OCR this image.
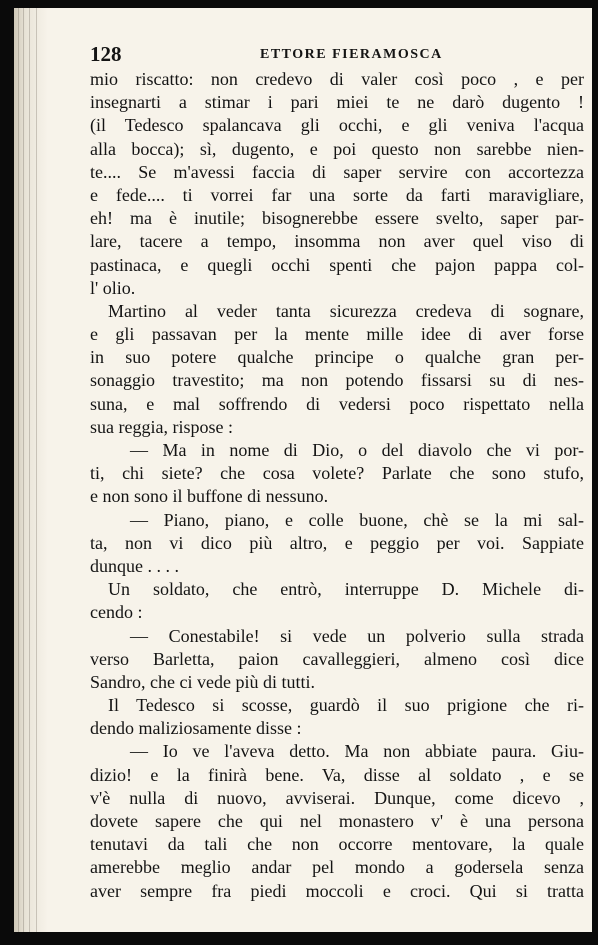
128	ETTORE FIERAMOSCA
mio riscatto: non credevo di valer così poco , e per
insegnarti a stimar i pari miei te ne darò dugento !
(il Tedesco spalancava gli occhi, e gli veniva l'acqua
alla bocca); sì, dugento, e poi questo non sarebbe nien-
te.... Se m'avessi faccia di saper servire con accortezza
e fede.... ti vorrei far una sorte da farti maravigliare,
eh! ma è inutile; bisognerebbe essere svelto, saper par-
lare, tacere a tempo, insomma non aver quel viso di
pastinaca, e quegli occhi spenti che pajon pappa col-
l' olio.
Martino al veder tanta sicurezza credeva di sognare,
e gli passavan per la mente mille idee di aver forse
in suo potere qualche principe o qualche gran per-
sonaggio travestito; ma non potendo fissarsi su di nes-
suna, e mal soffrendo di vedersi poco rispettato nella
sua reggia, rispose :
— Ma in nome di Dio, o del diavolo che vi por-
ti, chi siete? che cosa volete? Parlate che sono stufo,
e non sono il buffone di nessuno.
— Piano, piano, e colle buone, chè se la mi sal-
ta, non vi dico più altro, e peggio per voi. Sappiate
dunque . . . .
Un soldato, che entrò, interruppe D. Michele di-
cendo :
— Conestabile! si vede un polverio sulla strada
verso Barletta, paion cavalleggieri, almeno così dice
Sandro, che ci vede più di tutti.
Il Tedesco si scosse, guardò il suo prigione che ri-
dendo maliziosamente disse :
— Io ve l'aveva detto. Ma non abbiate paura. Giu-
dizio! e la finirà bene. Va, disse al soldato , e se
v'è nulla di nuovo, avviserai. Dunque, come dicevo ,
dovete sapere che qui nel monastero v' è una persona
tenutavi da tali che non occorre mentovare, la quale
amerebbe meglio andar pel mondo a godersela senza
aver sempre fra piedi moccoli e croci. Qui si tratta
